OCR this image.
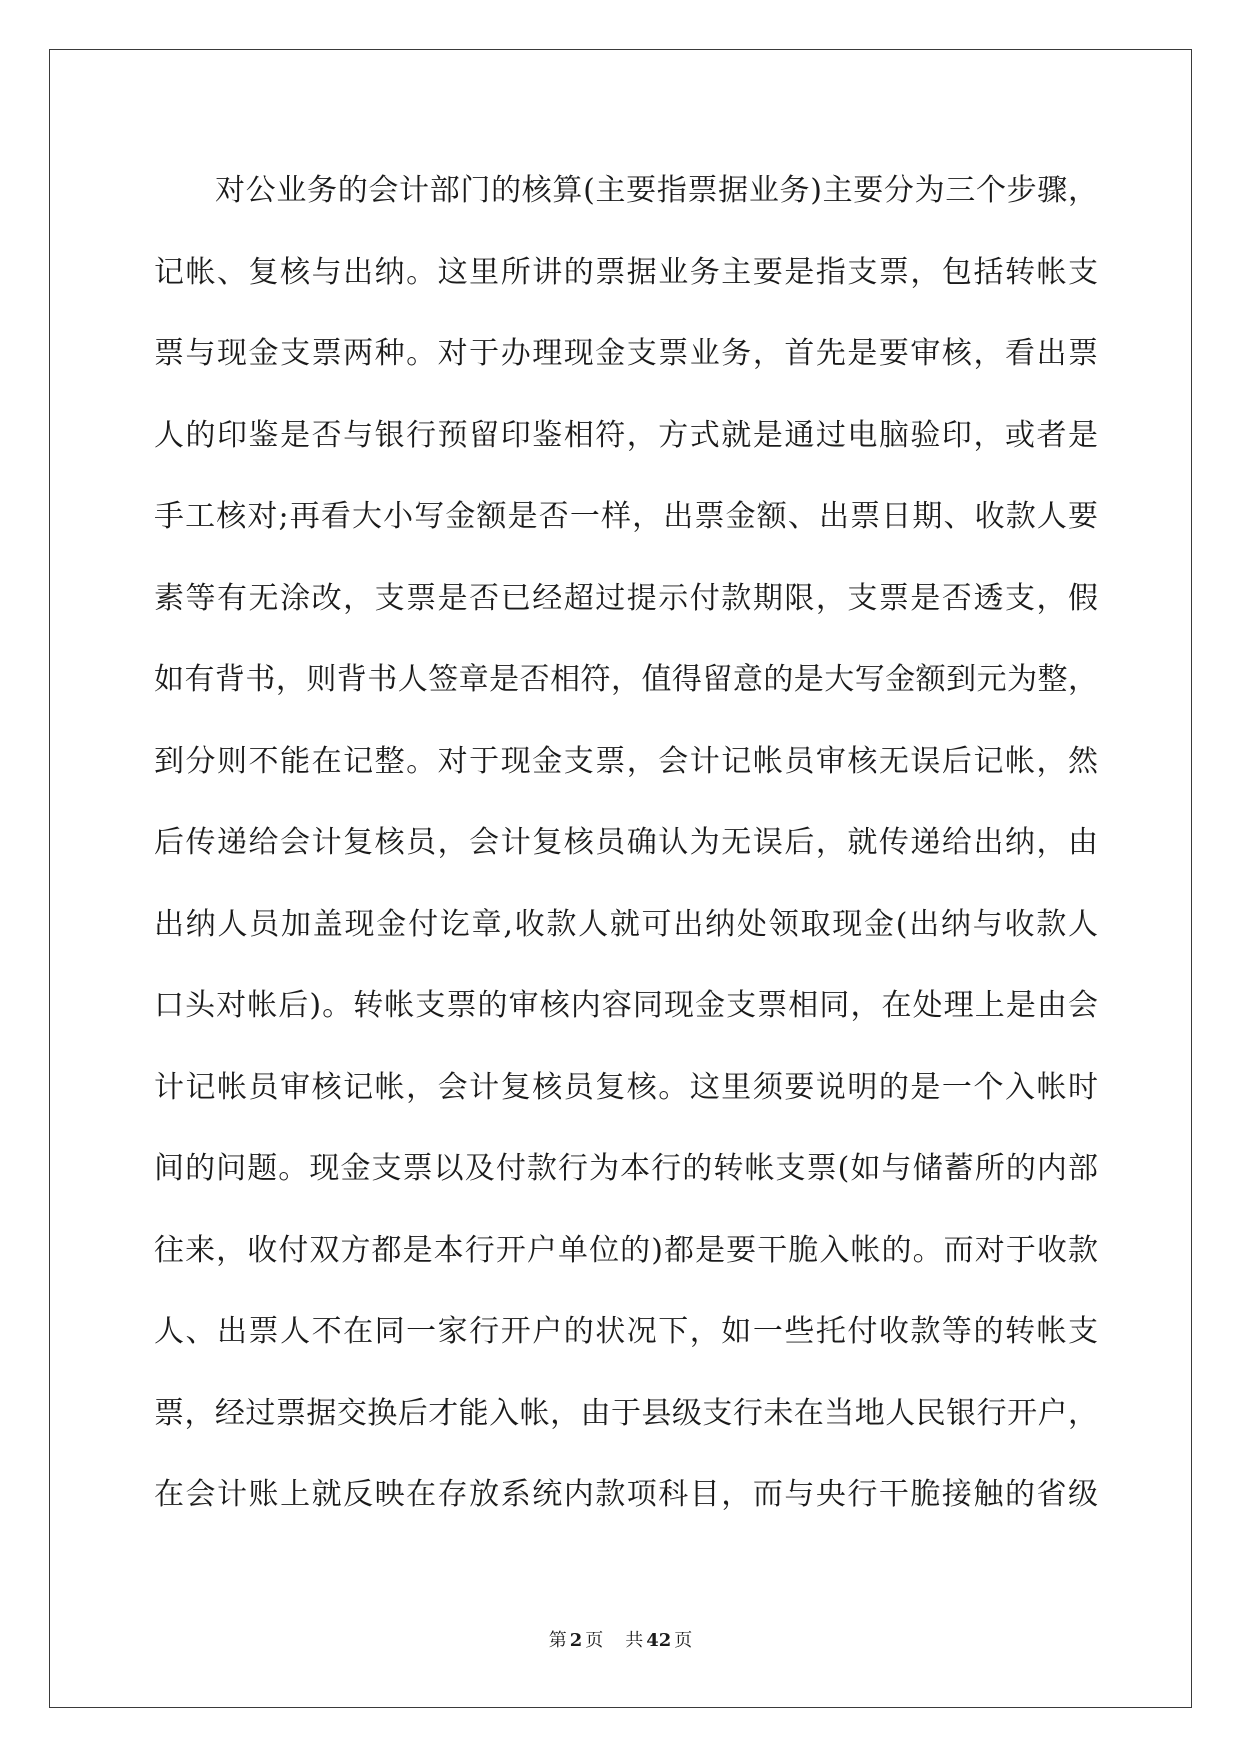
对公业务的会计部门的核算(主要指票据业务)主要分为三个步骤，
记帐、复核与出纳。这里所讲的票据业务主要是指支票，包括转帐支
票与现金支票两种。对于办理现金支票业务，首先是要审核，看出票
人的印鉴是否与银行预留印鉴相符，方式就是通过电脑验印，或者是
手工核对;再看大小写金额是否一样，出票金额、出票日期、收款人要
素等有无涂改，支票是否已经超过提示付款期限，支票是否透支，假
如有背书，则背书人签章是否相符，值得留意的是大写金额到元为整，
到分则不能在记整。对于现金支票，会计记帐员审核无误后记帐，然
后传递给会计复核员，会计复核员确认为无误后，就传递给出纳，由
出纳人员加盖现金付讫章,收款人就可出纳处领取现金(出纳与收款人
口头对帐后)。转帐支票的审核内容同现金支票相同，在处理上是由会
计记帐员审核记帐，会计复核员复核。这里须要说明的是一个入帐时
间的问题。现金支票以及付款行为本行的转帐支票(如与储蓄所的内部
往来，收付双方都是本行开户单位的)都是要干脆入帐的。而对于收款
人、出票人不在同一家行开户的状况下，如一些托付收款等的转帐支
票，经过票据交换后才能入帐，由于县级支行未在当地人民银行开户，
在会计账上就反映在存放系统内款项科目，而与央行干脆接触的省级
第 2 页 共 42 页
